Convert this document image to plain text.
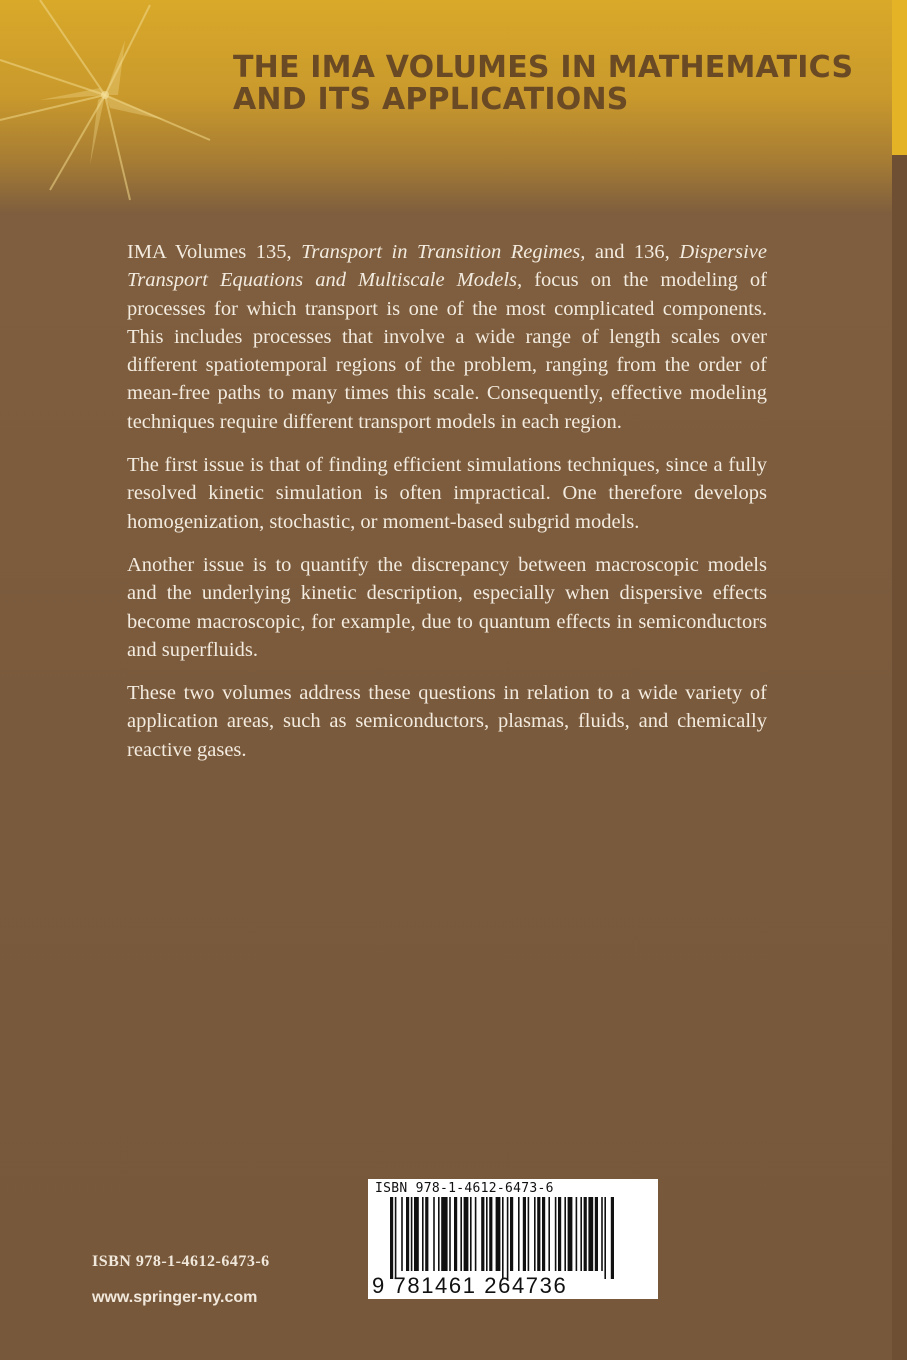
THE IMA VOLUMES IN MATHEMATICS
AND ITS APPLICATIONS

IMA Volumes 135, Transport in Transition Regimes, and 136, Dispersive Transport Equations and Multiscale Models, focus on the modeling of processes for which transport is one of the most complicated components. This includes processes that involve a wide range of length scales over different spatiotemporal regions of the problem, ranging from the order of mean-free paths to many times this scale. Consequently, effective modeling techniques require different transport models in each region.

The first issue is that of finding efficient simulations techniques, since a fully resolved kinetic simulation is often impractical. One therefore develops homogenization, stochastic, or moment-based subgrid models.

Another issue is to quantify the discrepancy between macroscopic models and the underlying kinetic description, especially when dispersive effects become macroscopic, for example, due to quantum effects in semiconductors and superfluids.

These two volumes address these questions in relation to a wide variety of application areas, such as semiconductors, plasmas, fluids, and chemically reactive gases.

ISBN 978-1-4612-6473-6
www.springer-ny.com
ISBN 978-1-4612-6473-6
9 781461 264736
